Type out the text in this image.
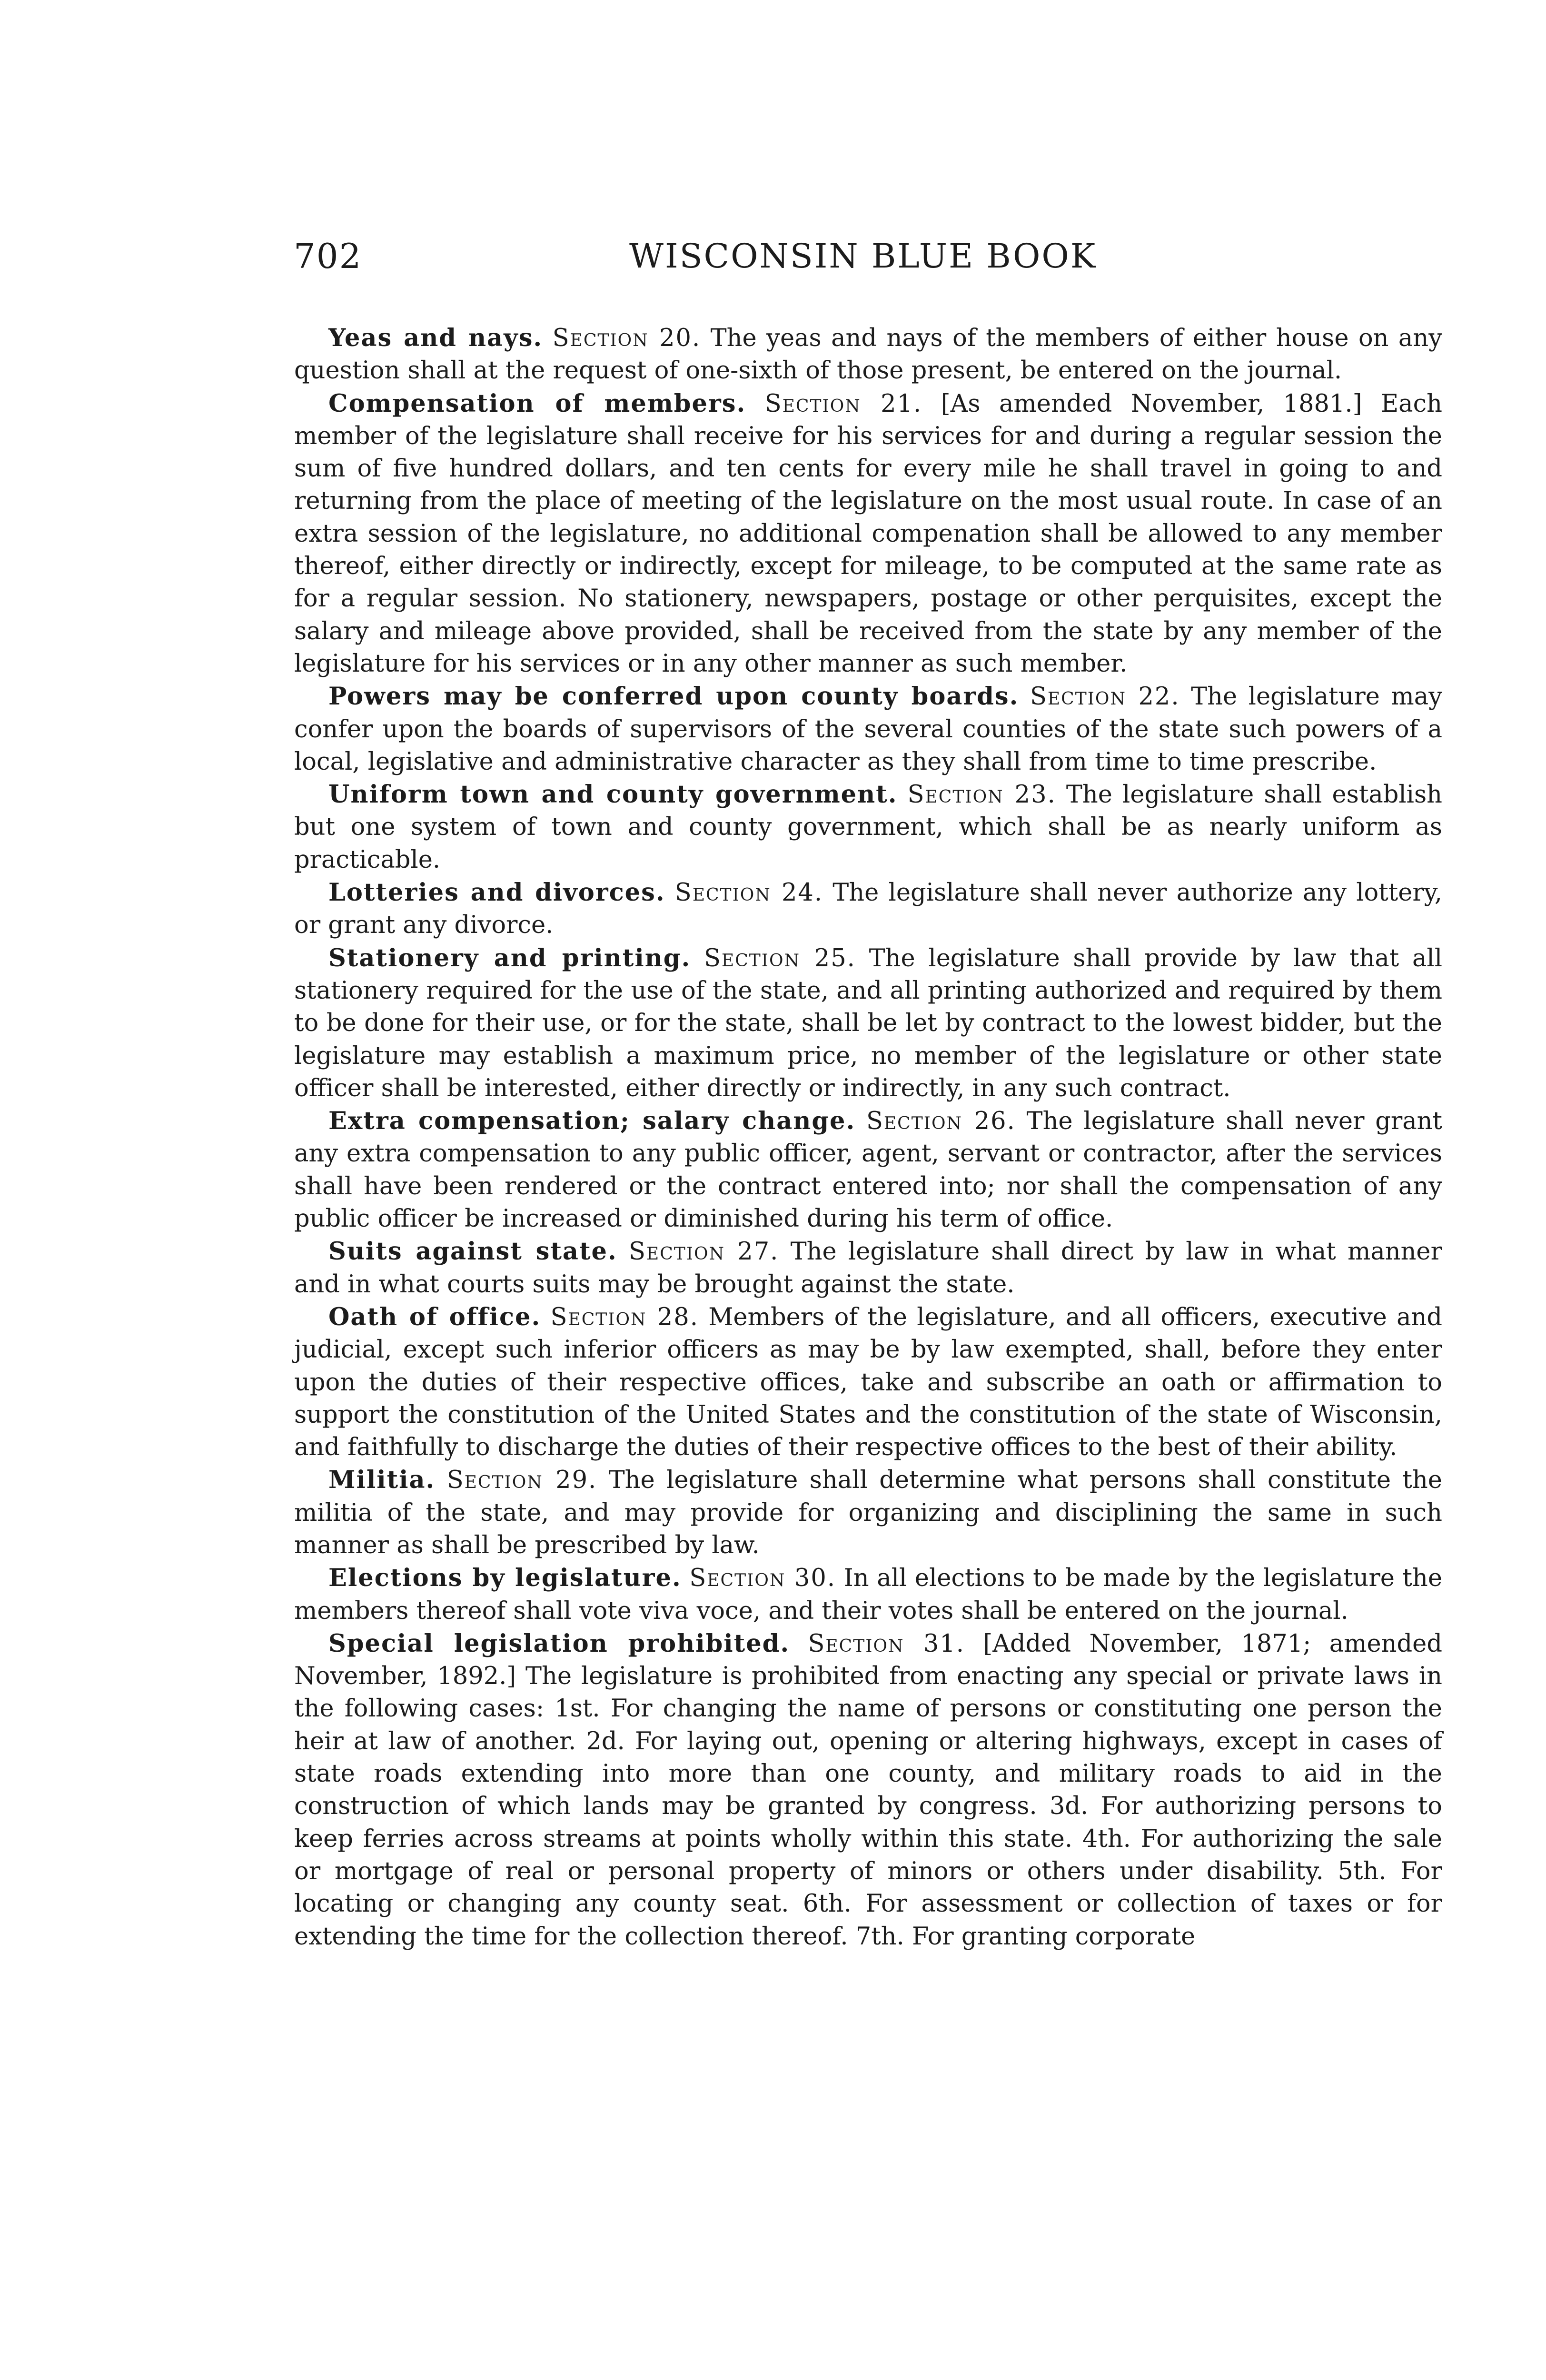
702	WISCONSIN BLUE BOOK

Yeas and nays. Section 20. The yeas and nays of the members of either house on any question shall at the request of one-sixth of those present, be entered on the journal.

Compensation of members. Section 21. [As amended November, 1881.] Each member of the legislature shall receive for his services for and during a regular session the sum of five hundred dollars, and ten cents for every mile he shall travel in going to and returning from the place of meeting of the legislature on the most usual route. In case of an extra session of the legislature, no additional compenation shall be allowed to any member thereof, either directly or indirectly, except for mileage, to be computed at the same rate as for a regular session. No stationery, newspapers, postage or other perquisites, except the salary and mileage above provided, shall be received from the state by any member of the legislature for his services or in any other manner as such member.

Powers may be conferred upon county boards. Section 22. The legislature may confer upon the boards of supervisors of the several counties of the state such powers of a local, legislative and administrative character as they shall from time to time prescribe.

Uniform town and county government. Section 23. The legislature shall establish but one system of town and county government, which shall be as nearly uniform as practicable.

Lotteries and divorces. Section 24. The legislature shall never authorize any lottery, or grant any divorce.

Stationery and printing. Section 25. The legislature shall provide by law that all stationery required for the use of the state, and all printing authorized and required by them to be done for their use, or for the state, shall be let by contract to the lowest bidder, but the legislature may establish a maximum price, no member of the legislature or other state officer shall be interested, either directly or indirectly, in any such contract.

Extra compensation; salary change. Section 26. The legislature shall never grant any extra compensation to any public officer, agent, servant or contractor, after the services shall have been rendered or the contract entered into; nor shall the compensation of any public officer be increased or diminished during his term of office.

Suits against state. Section 27. The legislature shall direct by law in what manner and in what courts suits may be brought against the state.

Oath of office. Section 28. Members of the legislature, and all officers, executive and judicial, except such inferior officers as may be by law exempted, shall, before they enter upon the duties of their respective offices, take and subscribe an oath or affirmation to support the constitution of the United States and the constitution of the state of Wisconsin, and faithfully to discharge the duties of their respective offices to the best of their ability.

Militia. Section 29. The legislature shall determine what persons shall constitute the militia of the state, and may provide for organizing and disciplining the same in such manner as shall be prescribed by law.

Elections by legislature. Section 30. In all elections to be made by the legislature the members thereof shall vote viva voce, and their votes shall be entered on the journal.

Special legislation prohibited. Section 31. [Added November, 1871; amended November, 1892.] The legislature is prohibited from enacting any special or private laws in the following cases: 1st. For changing the name of persons or constituting one person the heir at law of another. 2d. For laying out, opening or altering highways, except in cases of state roads extending into more than one county, and military roads to aid in the construction of which lands may be granted by congress. 3d. For authorizing persons to keep ferries across streams at points wholly within this state. 4th. For authorizing the sale or mortgage of real or personal property of minors or others under disability. 5th. For locating or changing any county seat. 6th. For assessment or collection of taxes or for extending the time for the collection thereof. 7th. For granting corporate
